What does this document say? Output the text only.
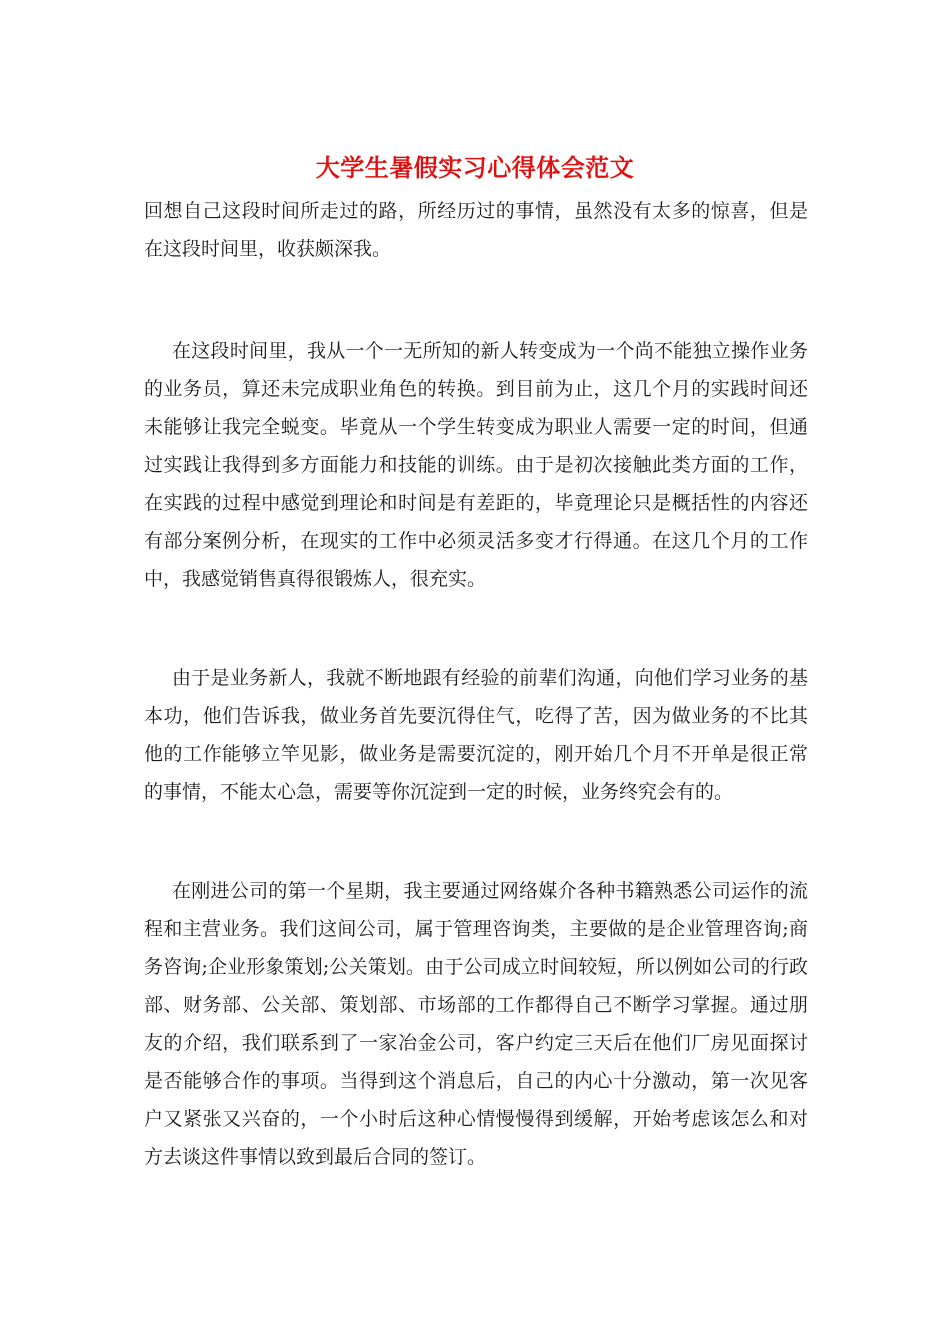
大学生暑假实习心得体会范文

回想自己这段时间所走过的路，所经历过的事情，虽然没有太多的惊喜，但是在这段时间里，收获颇深我。

在这段时间里，我从一个一无所知的新人转变成为一个尚不能独立操作业务的业务员，算还未完成职业角色的转换。到目前为止，这几个月的实践时间还未能够让我完全蜕变。毕竟从一个学生转变成为职业人需要一定的时间，但通过实践让我得到多方面能力和技能的训练。由于是初次接触此类方面的工作，在实践的过程中感觉到理论和时间是有差距的，毕竟理论只是概括性的内容还有部分案例分析，在现实的工作中必须灵活多变才行得通。在这几个月的工作中，我感觉销售真得很锻炼人，很充实。

由于是业务新人，我就不断地跟有经验的前辈们沟通，向他们学习业务的基本功，他们告诉我，做业务首先要沉得住气，吃得了苦，因为做业务的不比其他的工作能够立竿见影，做业务是需要沉淀的，刚开始几个月不开单是很正常的事情，不能太心急，需要等你沉淀到一定的时候，业务终究会有的。

在刚进公司的第一个星期，我主要通过网络媒介各种书籍熟悉公司运作的流程和主营业务。我们这间公司，属于管理咨询类，主要做的是企业管理咨询;商务咨询;企业形象策划;公关策划。由于公司成立时间较短，所以例如公司的行政部、财务部、公关部、策划部、市场部的工作都得自己不断学习掌握。通过朋友的介绍，我们联系到了一家冶金公司，客户约定三天后在他们厂房见面探讨是否能够合作的事项。当得到这个消息后，自己的内心十分激动，第一次见客户又紧张又兴奋的，一个小时后这种心情慢慢得到缓解，开始考虑该怎么和对方去谈这件事情以致到最后合同的签订。
